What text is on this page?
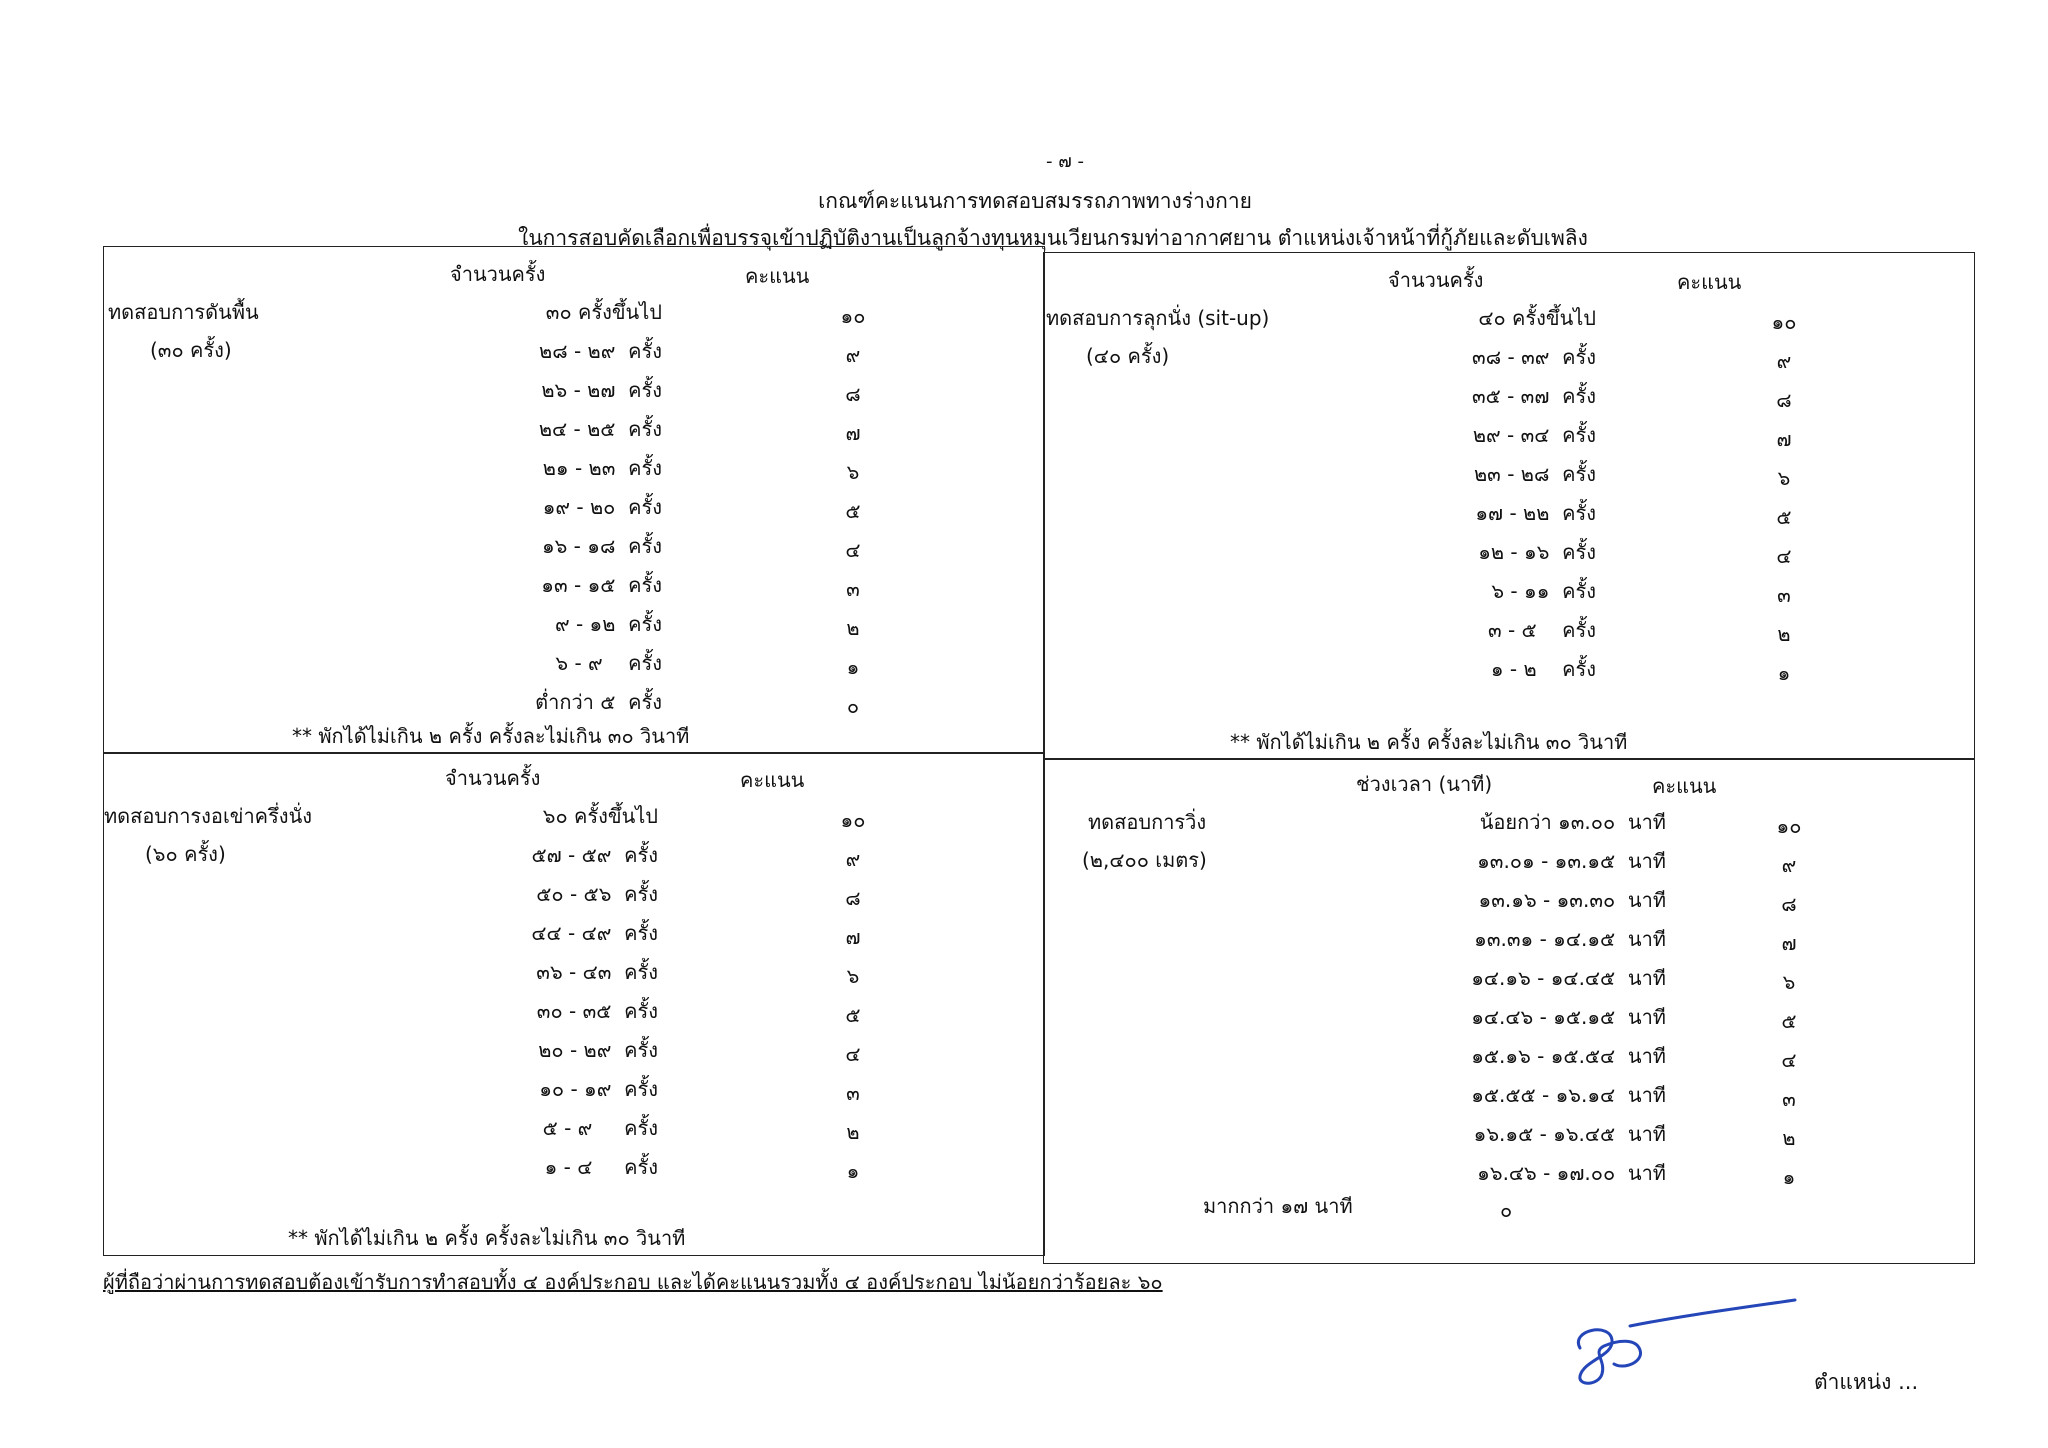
- ๗ -
เกณฑ์คะแนนการทดสอบสมรรถภาพทางร่างกาย
ในการสอบคัดเลือกเพื่อบรรจุเข้าปฏิบัติงานเป็นลูกจ้างทุนหมุนเวียนกรมท่าอากาศยาน ตำแหน่งเจ้าหน้าที่กู้ภัยและดับเพลิง
จำนวนครั้ง	คะแนน
ทดสอบการดันพื้น
(๓๐ ครั้ง)
๓๐ ครั้งขึ้นไป	๑๐
๒๘ - ๒๙  ครั้ง	๙
๒๖ - ๒๗  ครั้ง	๘
๒๔ - ๒๕  ครั้ง	๗
๒๑ - ๒๓  ครั้ง	๖
๑๙ - ๒๐  ครั้ง	๕
๑๖ - ๑๘  ครั้ง	๔
๑๓ - ๑๕  ครั้ง	๓
๙ - ๑๒  ครั้ง	๒
๖ - ๙    ครั้ง	๑
ต่ำกว่า ๕  ครั้ง	๐
** พักได้ไม่เกิน ๒ ครั้ง ครั้งละไม่เกิน ๓๐ วินาที
จำนวนครั้ง	คะแนน
ทดสอบการลุกนั่ง (sit-up)
(๔๐ ครั้ง)
๔๐ ครั้งขึ้นไป	๑๐
๓๘ - ๓๙  ครั้ง	๙
๓๕ - ๓๗  ครั้ง	๘
๒๙ - ๓๔  ครั้ง	๗
๒๓ - ๒๘  ครั้ง	๖
๑๗ - ๒๒  ครั้ง	๕
๑๒ - ๑๖  ครั้ง	๔
๖ - ๑๑  ครั้ง	๓
๓ - ๕    ครั้ง	๒
๑ - ๒    ครั้ง	๑
** พักได้ไม่เกิน ๒ ครั้ง ครั้งละไม่เกิน ๓๐ วินาที
จำนวนครั้ง	คะแนน
ทดสอบการงอเข่าครึ่งนั่ง
(๖๐ ครั้ง)
๖๐ ครั้งขึ้นไป	๑๐
๕๗ - ๕๙  ครั้ง	๙
๕๐ - ๕๖  ครั้ง	๘
๔๔ - ๔๙  ครั้ง	๗
๓๖ - ๔๓  ครั้ง	๖
๓๐ - ๓๕  ครั้ง	๕
๒๐ - ๒๙  ครั้ง	๔
๑๐ - ๑๙  ครั้ง	๓
๕ - ๙     ครั้ง	๒
๑ - ๔     ครั้ง	๑
** พักได้ไม่เกิน ๒ ครั้ง ครั้งละไม่เกิน ๓๐ วินาที
ช่วงเวลา (นาที)	คะแนน
ทดสอบการวิ่ง
(๒,๔๐๐ เมตร)
น้อยกว่า ๑๓.๐๐  นาที	๑๐
๑๓.๐๑ - ๑๓.๑๕  นาที	๙
๑๓.๑๖ - ๑๓.๓๐  นาที	๘
๑๓.๓๑ - ๑๔.๑๕  นาที	๗
๑๔.๑๖ - ๑๔.๔๕  นาที	๖
๑๔.๔๖ - ๑๕.๑๕  นาที	๕
๑๕.๑๖ - ๑๕.๕๔  นาที	๔
๑๕.๕๕ - ๑๖.๑๔  นาที	๓
๑๖.๑๕ - ๑๖.๔๕  นาที	๒
๑๖.๔๖ - ๑๗.๐๐  นาที	๑
มากกว่า ๑๗ นาที	๐
ผู้ที่ถือว่าผ่านการทดสอบต้องเข้ารับการทำสอบทั้ง ๔ องค์ประกอบ และได้คะแนนรวมทั้ง ๔ องค์ประกอบ ไม่น้อยกว่าร้อยละ ๖๐
ตำแหน่ง ...
